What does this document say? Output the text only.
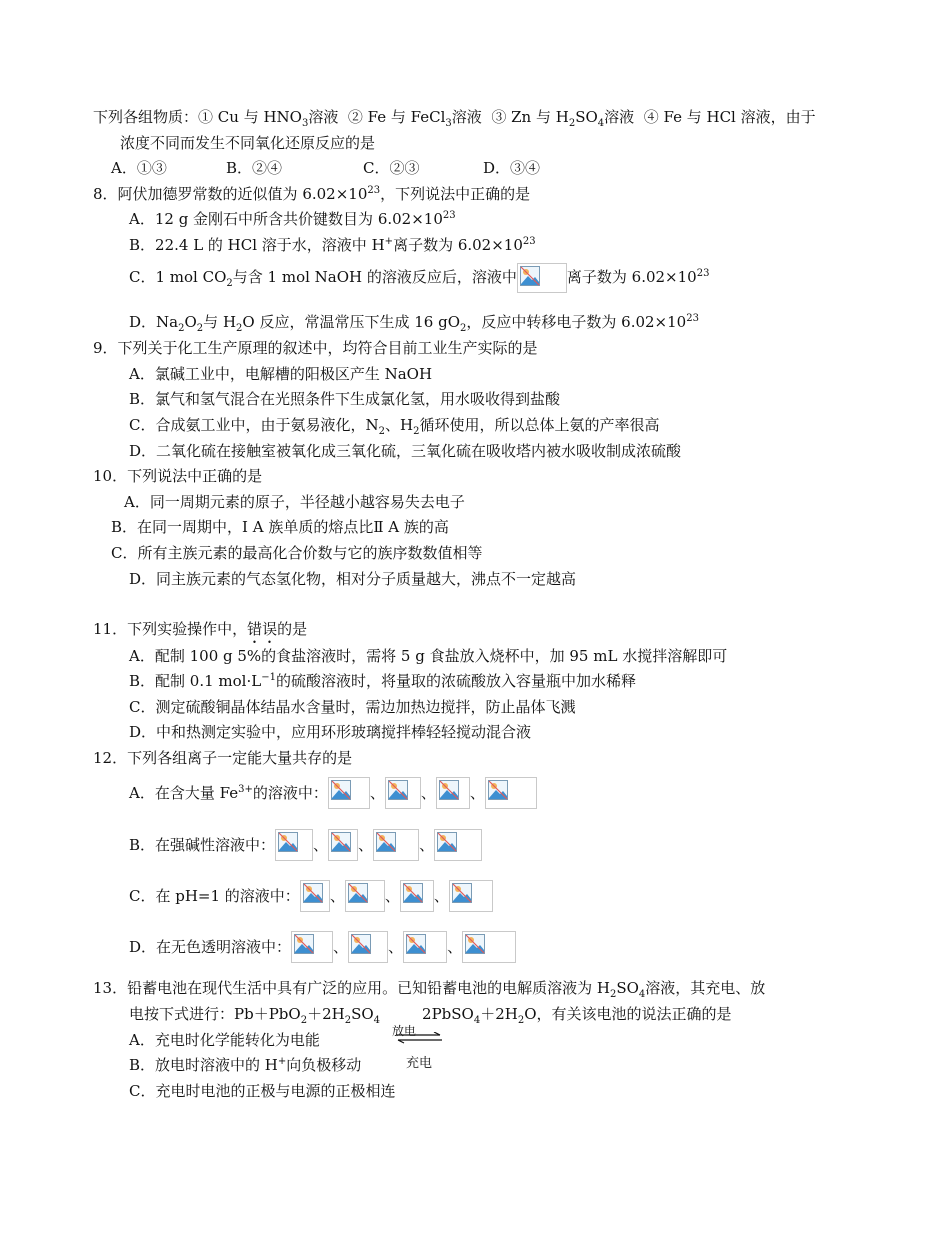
下列各组物质：① Cu 与 $HNO_3$溶液 ② Fe 与 FeCl$_3$溶液 ③ Zn 与 $H_2SO_4$溶液 ④ Fe 与 HCl 溶液，由于
浓度不同而发生不同氧化还原反应的是
A．①③	B．②④	C．②③	D．③④
8．阿伏加德罗常数的近似值为 $6.02\times 10^{23}$，下列说法中正确的是
A．12 g 金刚石中所含共价键数目为 $6.02\times 10^{23}$
B．22.4 L 的 HCl 溶于水，溶液中 H+离子数为 $6.02\times 10^{23}$
C．1 mol $CO_2$与含 1 mol NaOH 的溶液反应后，溶液中	离子数为 $6.02\times 10^{23}$
D．$Na_2O_2$与 $H_2O$ 反应，常温常压下生成 16 $gO_2$，反应中转移电子数为 $6.02\times 10^{23}$
9．下列关于化工生产原理的叙述中，均符合目前工业生产实际的是
A．氯碱工业中，电解槽的阳极区产生 NaOH
B．氯气和氢气混合在光照条件下生成氯化氢，用水吸收得到盐酸
C．合成氨工业中，由于氨易液化，$N_2$、$H_2$循环使用，所以总体上氨的产率很高
D．二氧化硫在接触室被氧化成三氧化硫，三氧化硫在吸收塔内被水吸收制成浓硫酸
10．下列说法中正确的是
A．同一周期元素的原子，半径越小越容易失去电子
B．在同一周期中，Ⅰ A 族单质的熔点比Ⅱ A 族的高
C．所有主族元素的最高化合价数与它的族序数数值相等
D．同主族元素的气态氢化物，相对分子质量越大，沸点不一定越高
11．下列实验操作中，错误的是
A．配制 100 g 5%的食盐溶液时，需将 5 g 食盐放入烧杯中，加 95 mL 水搅拌溶解即可
B．配制 0.1 $mol\cdot L^{-1}$的硫酸溶液时，将量取的浓硫酸放入容量瓶中加水稀释
C．测定硫酸铜晶体结晶水含量时，需边加热边搅拌，防止晶体飞溅
D．中和热测定实验中，应用环形玻璃搅拌棒轻轻搅动混合液
12．下列各组离子一定能大量共存的是
A．在含大量 $Fe^{3+}$的溶液中：	、 、 、
B．在强碱性溶液中：	、 、	、
C．在 pH=1 的溶液中： 、	、 、
D．在无色透明溶液中：	、	、	、
13．铅蓄电池在现代生活中具有广泛的应用。已知铅蓄电池的电解质溶液为 $H_2SO_4$溶液，其充电、放
电按下式进行：$Pb+PbO_2+2H_2SO_4$	$2PbSO_4+2H_2O$，有关该电池的说法正确的是
放电
充电
A．充电时化学能转化为电能
B．放电时溶液中的 H+向负极移动
C．充电时电池的正极与电源的正极相连
